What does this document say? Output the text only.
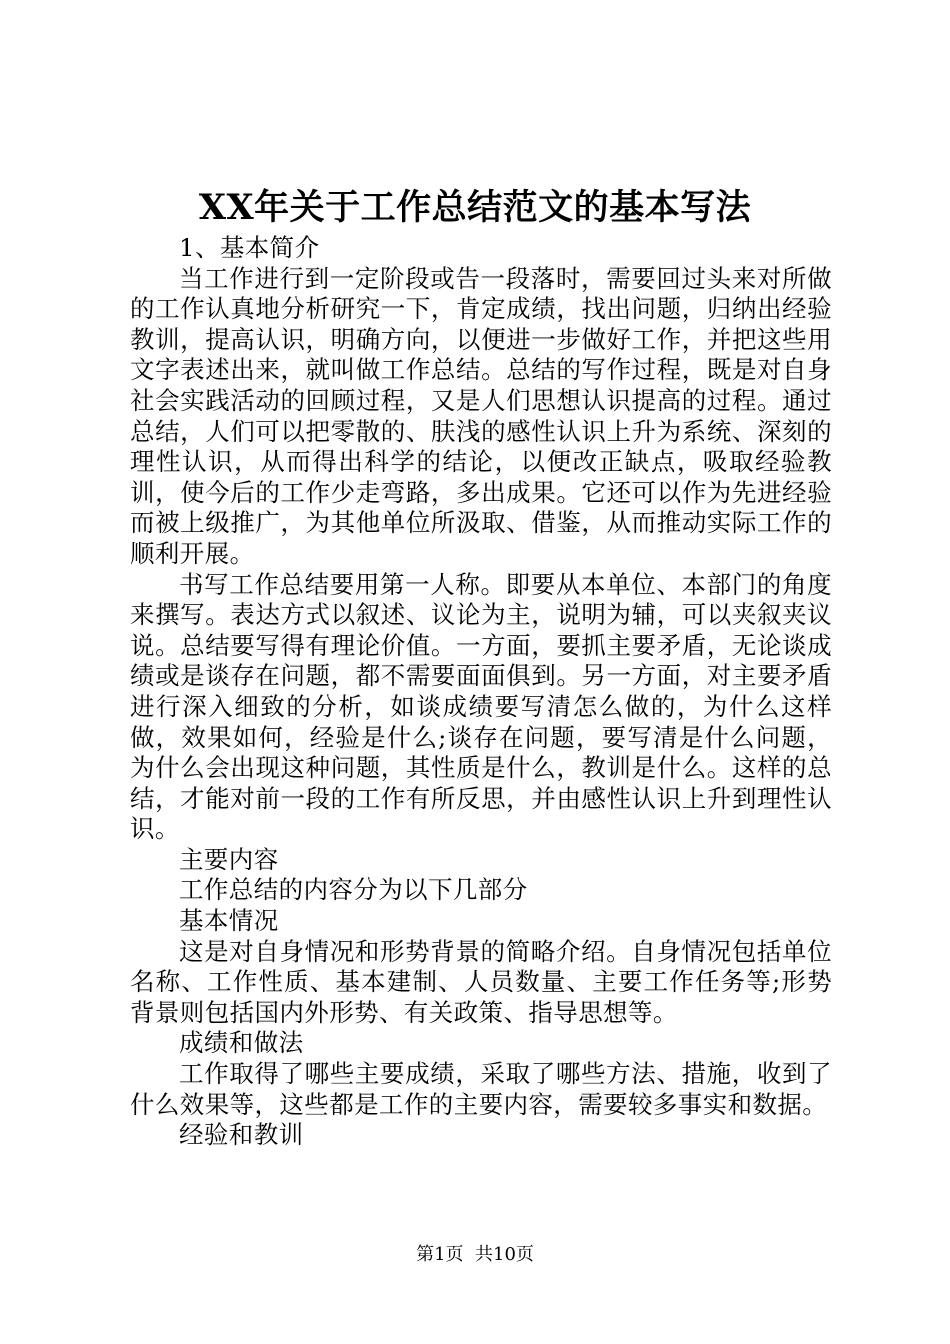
XX年关于工作总结范文的基本写法

1、基本简介

当工作进行到一定阶段或告一段落时，需要回过头来对所做的工作认真地分析研究一下，肯定成绩，找出问题，归纳出经验教训，提高认识，明确方向，以便进一步做好工作，并把这些用文字表述出来，就叫做工作总结。总结的写作过程，既是对自身社会实践活动的回顾过程，又是人们思想认识提高的过程。通过总结，人们可以把零散的、肤浅的感性认识上升为系统、深刻的理性认识，从而得出科学的结论，以便改正缺点，吸取经验教训，使今后的工作少走弯路，多出成果。它还可以作为先进经验而被上级推广，为其他单位所汲取、借鉴，从而推动实际工作的顺利开展。

书写工作总结要用第一人称。即要从本单位、本部门的角度来撰写。表达方式以叙述、议论为主，说明为辅，可以夹叙夹议说。总结要写得有理论价值。一方面，要抓主要矛盾，无论谈成绩或是谈存在问题，都不需要面面俱到。另一方面，对主要矛盾进行深入细致的分析，如谈成绩要写清怎么做的，为什么这样做，效果如何，经验是什么;谈存在问题，要写清是什么问题，为什么会出现这种问题，其性质是什么，教训是什么。这样的总结，才能对前一段的工作有所反思，并由感性认识上升到理性认识。

主要内容

工作总结的内容分为以下几部分

基本情况

这是对自身情况和形势背景的简略介绍。自身情况包括单位名称、工作性质、基本建制、人员数量、主要工作任务等;形势背景则包括国内外形势、有关政策、指导思想等。

成绩和做法

工作取得了哪些主要成绩，采取了哪些方法、措施，收到了什么效果等，这些都是工作的主要内容，需要较多事实和数据。

经验和教训

第1页  共10页
